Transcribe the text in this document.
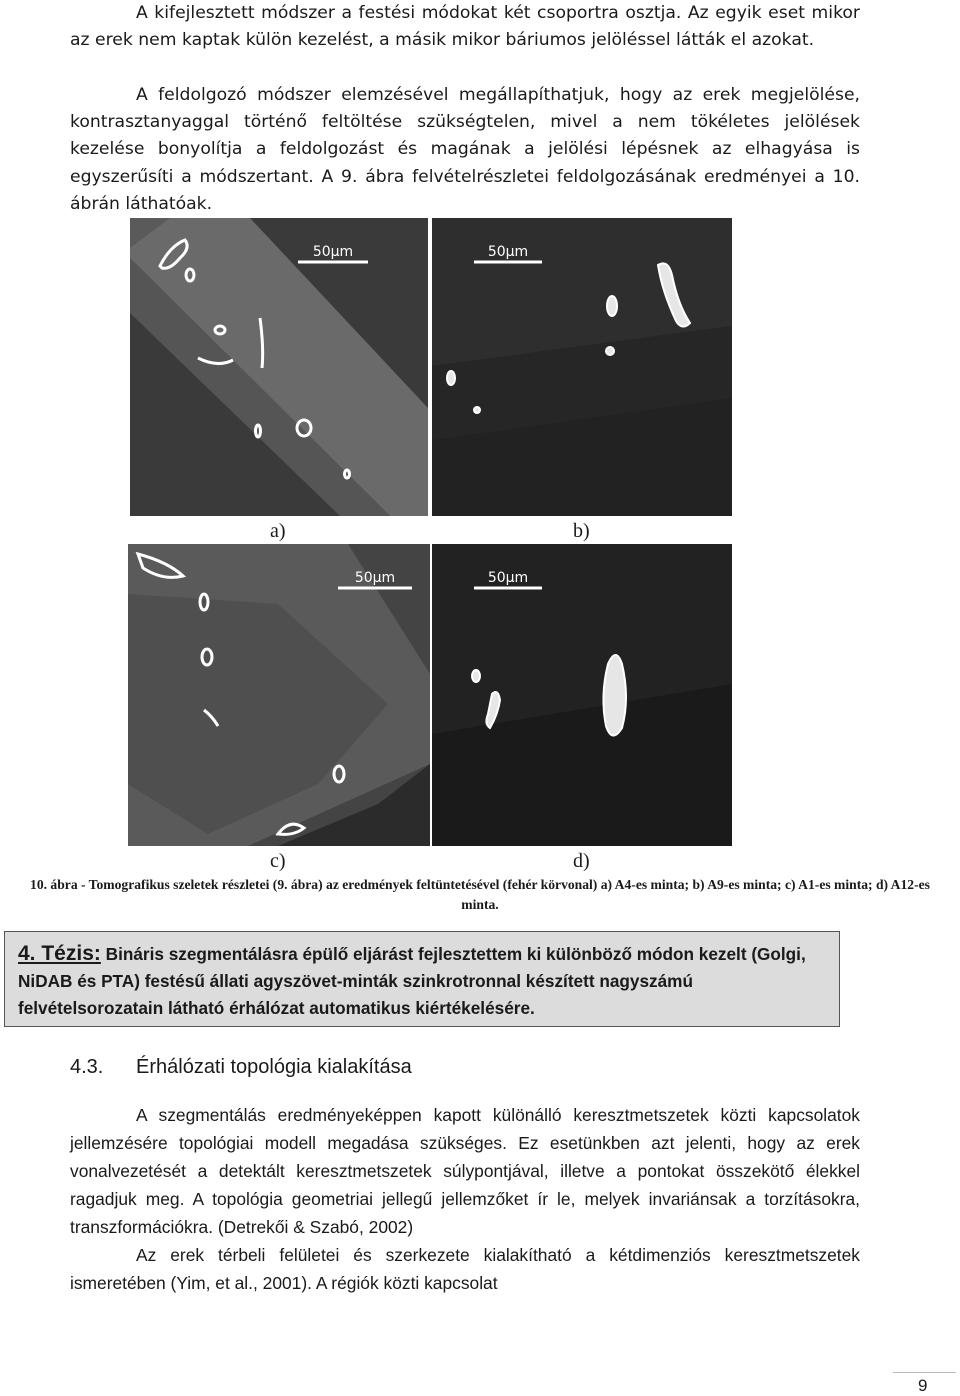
A kifejlesztett módszer a festési módokat két csoportra osztja. Az egyik eset mikor az erek nem kaptak külön kezelést, a másik mikor báriumos jelöléssel látták el azokat.

A feldolgozó módszer elemzésével megállapíthatjuk, hogy az erek megjelölése, kontrasztanyaggal történő feltöltése szükségtelen, mivel a nem tökéletes jelölések kezelése bonyolítja a feldolgozást és magának a jelölési lépésnek az elhagyása is egyszerűsíti a módszertant. A 9. ábra felvételrészletei feldolgozásának eredményei a 10. ábrán láthatóak.

50µm	50µm
a)	b)
50µm	50µm
c)	d)
10. ábra - Tomografikus szeletek részletei (9. ábra) az eredmények feltüntetésével (fehér körvonal) a) A4-es minta; b) A9-es minta; c) A1-es minta; d) A12-es minta.
4. Tézis: Bináris szegmentálásra épülő eljárást fejlesztettem ki különböző módon kezelt (Golgi, NiDAB és PTA) festésű állati agyszövet-minták szinkrotronnal készített nagyszámú felvételsorozatain látható érhálózat automatikus kiértékelésére.
4.3. Érhálózati topológia kialakítása

A szegmentálás eredményeképpen kapott különálló keresztmetszetek közti kapcsolatok jellemzésére topológiai modell megadása szükséges. Ez esetünkben azt jelenti, hogy az erek vonalvezetését a detektált keresztmetszetek súlypontjával, illetve a pontokat összekötő élekkel ragadjuk meg. A topológia geometriai jellegű jellemzőket ír le, melyek invariánsak a torzításokra, transzformációkra. (Detrekői & Szabó, 2002)

Az erek térbeli felületei és szerkezete kialakítható a kétdimenziós keresztmetszetek ismeretében (Yim, et al., 2001). A régiók közti kapcsolat

9
